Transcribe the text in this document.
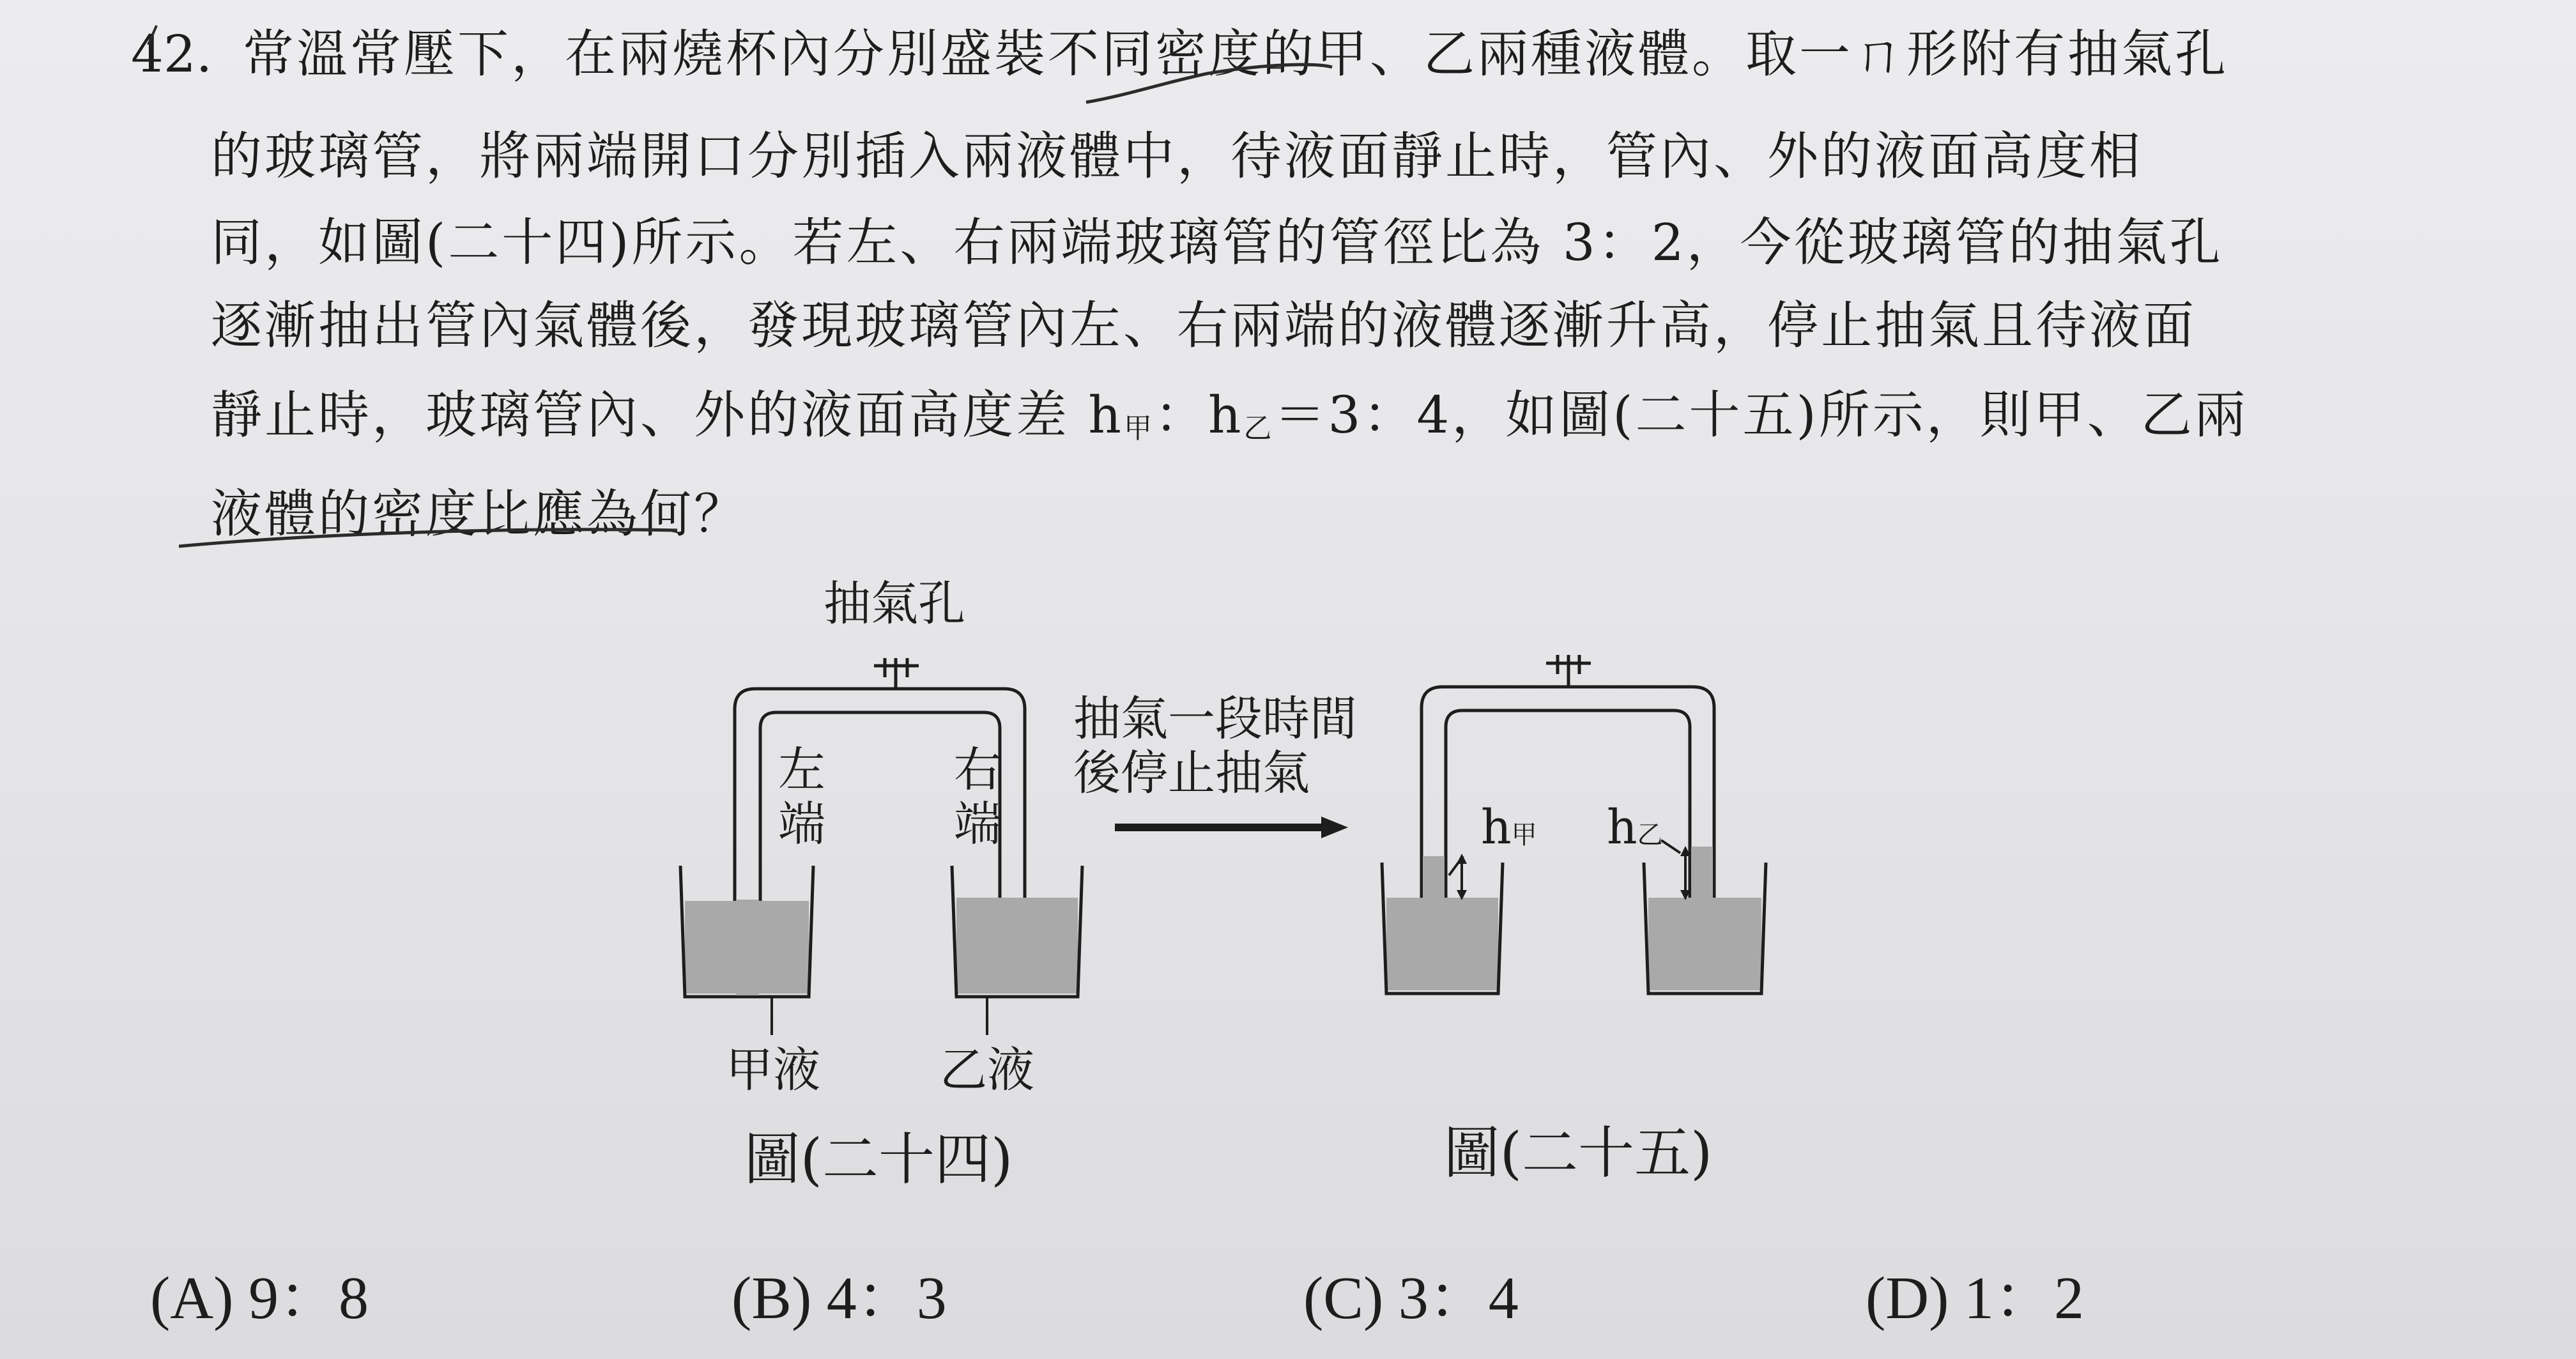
42. 常溫常壓下，在兩燒杯內分別盛裝不同密度的甲、乙兩種液體。取一ㄇ形附有抽氣孔
的玻璃管，將兩端開口分別插入兩液體中，待液面靜止時，管內、外的液面高度相
同，如圖(二十四)所示。若左、右兩端玻璃管的管徑比為 3：2，今從玻璃管的抽氣孔
逐漸抽出管內氣體後，發現玻璃管內左、右兩端的液體逐漸升高，停止抽氣且待液面
靜止時，玻璃管內、外的液面高度差 h甲：h乙＝3：4，如圖(二十五)所示，則甲、乙兩
液體的密度比應為何？
抽氣孔
左
端
右
端
甲液	乙液
圖(二十四)
抽氣一段時間
後停止抽氣
h甲 h乙
圖(二十五)
(A) 9：8	(B) 4：3	(C) 3：4	(D) 1：2
